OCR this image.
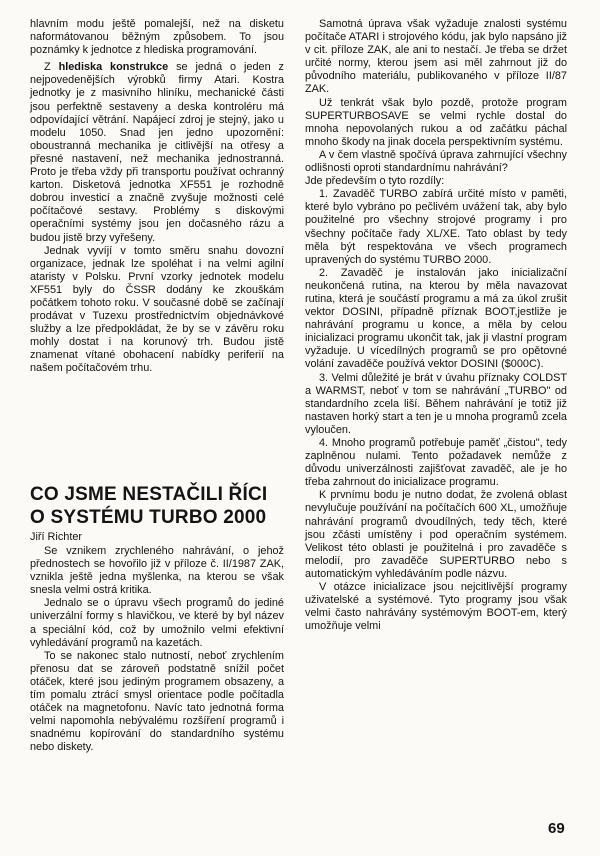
hlavním modu ještě pomalejší, než na disketu naformátovanou běžným způsobem. To jsou poznámky k jednotce z hlediska programování.

Z hlediska konstrukce se jedná o jeden z nejpovedenějších výrobků firmy Atari. Kostra jednotky je z masivního hliníku, mechanické části jsou perfektně sestaveny a deska kontroléru má odpovídající větrání. Napájecí zdroj je stejný, jako u modelu 1050. Snad jen jedno upozornění: oboustranná mechanika je citlivější na otřesy a přesné nastavení, než mechanika jednostranná. Proto je třeba vždy při transportu používat ochranný karton. Disketová jednotka XF551 je rozhodně dobrou investicí a značně zvyšuje možnosti celé počítačové sestavy. Problémy s diskovými operačními systémy jsou jen dočasného rázu a budou jistě brzy vyřešeny.

Jednak vyvíjí v tomto směru snahu dovozní organizace, jednak lze spoléhat i na velmi agilní ataristy v Polsku. První vzorky jednotek modelu XF551 byly do ČSSR dodány ke zkouškám počátkem tohoto roku. V současné době se začínají prodávat v Tuzexu prostřednictvím objednávkové služby a lze předpokládat, že by se v závěru roku mohly dostat i na korunový trh. Budou jistě znamenat vítané obohacení nabídky periferií na našem počítačovém trhu.

CO JSME NESTAČILI ŘÍCI
O SYSTÉMU TURBO 2000
Jiří Richter

Se vznikem zrychleného nahrávání, o jehož přednostech se hovořilo již v příloze č. II/1987 ZAK, vznikla ještě jedna myšlenka, na kterou se však snesla velmi ostrá kritika.

Jednalo se o úpravu všech programů do jediné univerzální formy s hlavičkou, ve které by byl název a speciální kód, což by umožnilo velmi efektivní vyhledávání programů na kazetách.

To se nakonec stalo nutností, neboť zrychlením přenosu dat se zároveň podstatně snížil počet otáček, které jsou jediným programem obsazeny, a tím pomalu ztrácí smysl orientace podle počítadla otáček na magnetofonu. Navíc tato jednotná forma velmi napomohla nebývalému rozšíření programů i snadnému kopírování do standardního systému nebo diskety.

Samotná úprava však vyžaduje znalosti systému počítače ATARI i strojového kódu, jak bylo napsáno již v cit. příloze ZAK, ale ani to nestačí. Je třeba se držet určité normy, kterou jsem asi měl zahrnout již do původního materiálu, publikovaného v příloze II/87 ZAK.

Už tenkrát však bylo pozdě, protože program SUPERTURBOSAVE se velmi rychle dostal do mnoha nepovolaných rukou a od začátku páchal mnoho škody na jinak docela perspektivním systému.

A v čem vlastně spočívá úprava zahrnující všechny odlišnosti oproti standardnímu nahrávání?

Jde především o tyto rozdíly:

1. Zavaděč TURBO zabírá určité místo v paměti, které bylo vybráno po pečlivém uvážení tak, aby bylo použitelné pro všechny strojové programy i pro všechny počítače řady XL/XE. Tato oblast by tedy měla být respektována ve všech programech upravených do systému TURBO 2000.

2. Zavaděč je instalován jako inicializační neukončená rutina, na kterou by měla navazovat rutina, která je součástí programu a má za úkol zrušit vektor DOSINI, případně příznak BOOT,jestliže je nahrávání programu u konce, a měla by celou inicializaci programu ukončit tak, jak ji vlastní program vyžaduje. U vícedílných programů se pro opětovné volání zavaděče používá vektor DOSINI ($000C).

3. Velmi důležité je brát v úvahu příznaky COLDST a WARMST, neboť v tom se nahrávání „TURBO" od standardního zcela liší. Během nahrávání je totiž již nastaven horký start a ten je u mnoha programů zcela vyloučen.

4. Mnoho programů potřebuje paměť „čistou", tedy zaplněnou nulami. Tento požadavek nemůže z důvodu univerzálnosti zajišťovat zavaděč, ale je ho třeba zahrnout do inicializace programu.

K prvnímu bodu je nutno dodat, že zvolená oblast nevylučuje používání na počítačích 600 XL, umožňuje nahrávání programů dvoudílných, tedy těch, které jsou zčásti umístěny i pod operačním systémem. Velikost této oblasti je použitelná i pro zavaděče s melodií, pro zavaděče SUPERTURBO nebo s automatickým vyhledáváním podle názvu.

V otázce inicializace jsou nejcitlivější programy uživatelské a systémové. Tyto programy jsou však velmi často nahrávány systémovým BOOT-em, který umožňuje velmi

69
